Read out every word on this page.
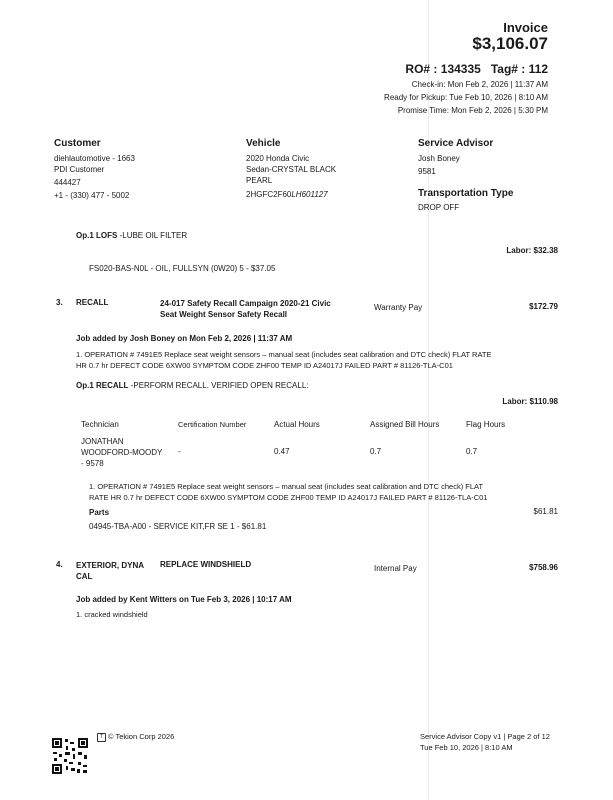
Invoice
$3,106.07
RO# : 134335 Tag# : 112
Check-in: Mon Feb 2, 2026 | 11:37 AM
Ready for Pickup: Tue Feb 10, 2026 | 8:10 AM
Promise Time: Mon Feb 2, 2026 | 5:30 PM
Customer
diehlautomotive - 1663
PDI Customer
444427
+1 - (330) 477 - 5002
Vehicle
2020 Honda Civic
Sedan-CRYSTAL BLACK
PEARL
2HGFC2F60LH601127
Service Advisor
Josh Boney
9581
Transportation Type
DROP OFF
Op.1 LOFS -LUBE OIL FILTER
Labor: $32.38
FS020-BAS-N0L - OIL, FULLSYN (0W20) 5 - $37.05
3. RECALL	24-017 Safety Recall Campaign 2020-21 Civic
Seat Weight Sensor Safety Recall
Warranty Pay	$172.79
Job added by Josh Boney on Mon Feb 2, 2026 | 11:37 AM
1. OPERATION # 7491E5 Replace seat weight sensors – manual seat (includes seat calibration and DTC check) FLAT RATE
HR 0.7 hr DEFECT CODE 6XW00 SYMPTOM CODE ZHF00 TEMP ID A24017J FAILED PART # 81126-TLA-C01
Op.1 RECALL -PERFORM RECALL. VERIFIED OPEN RECALL:
Labor: $110.98
Technician	Certification Number	Actual Hours	Assigned Bill Hours	Flag Hours
JONATHAN
WOODFORD-MOODY
- 9578
-	0.47	0.7	0.7
1. OPERATION # 7491E5 Replace seat weight sensors – manual seat (includes seat calibration and DTC check) FLAT
RATE HR 0.7 hr DEFECT CODE 6XW00 SYMPTOM CODE ZHF00 TEMP ID A24017J FAILED PART # 81126-TLA-C01
Parts	$61.81
04945-TBA-A00 - SERVICE KIT,FR SE 1 - $61.81
4. EXTERIOR, DYNA
CAL
REPLACE WINDSHIELD	Internal Pay	$758.96
Job added by Kent Witters on Tue Feb 3, 2026 | 10:17 AM
1. cracked windshield
T © Tekion Corp 2026	Service Advisor Copy v1 | Page 2 of 12
Tue Feb 10, 2026 | 8:10 AM
